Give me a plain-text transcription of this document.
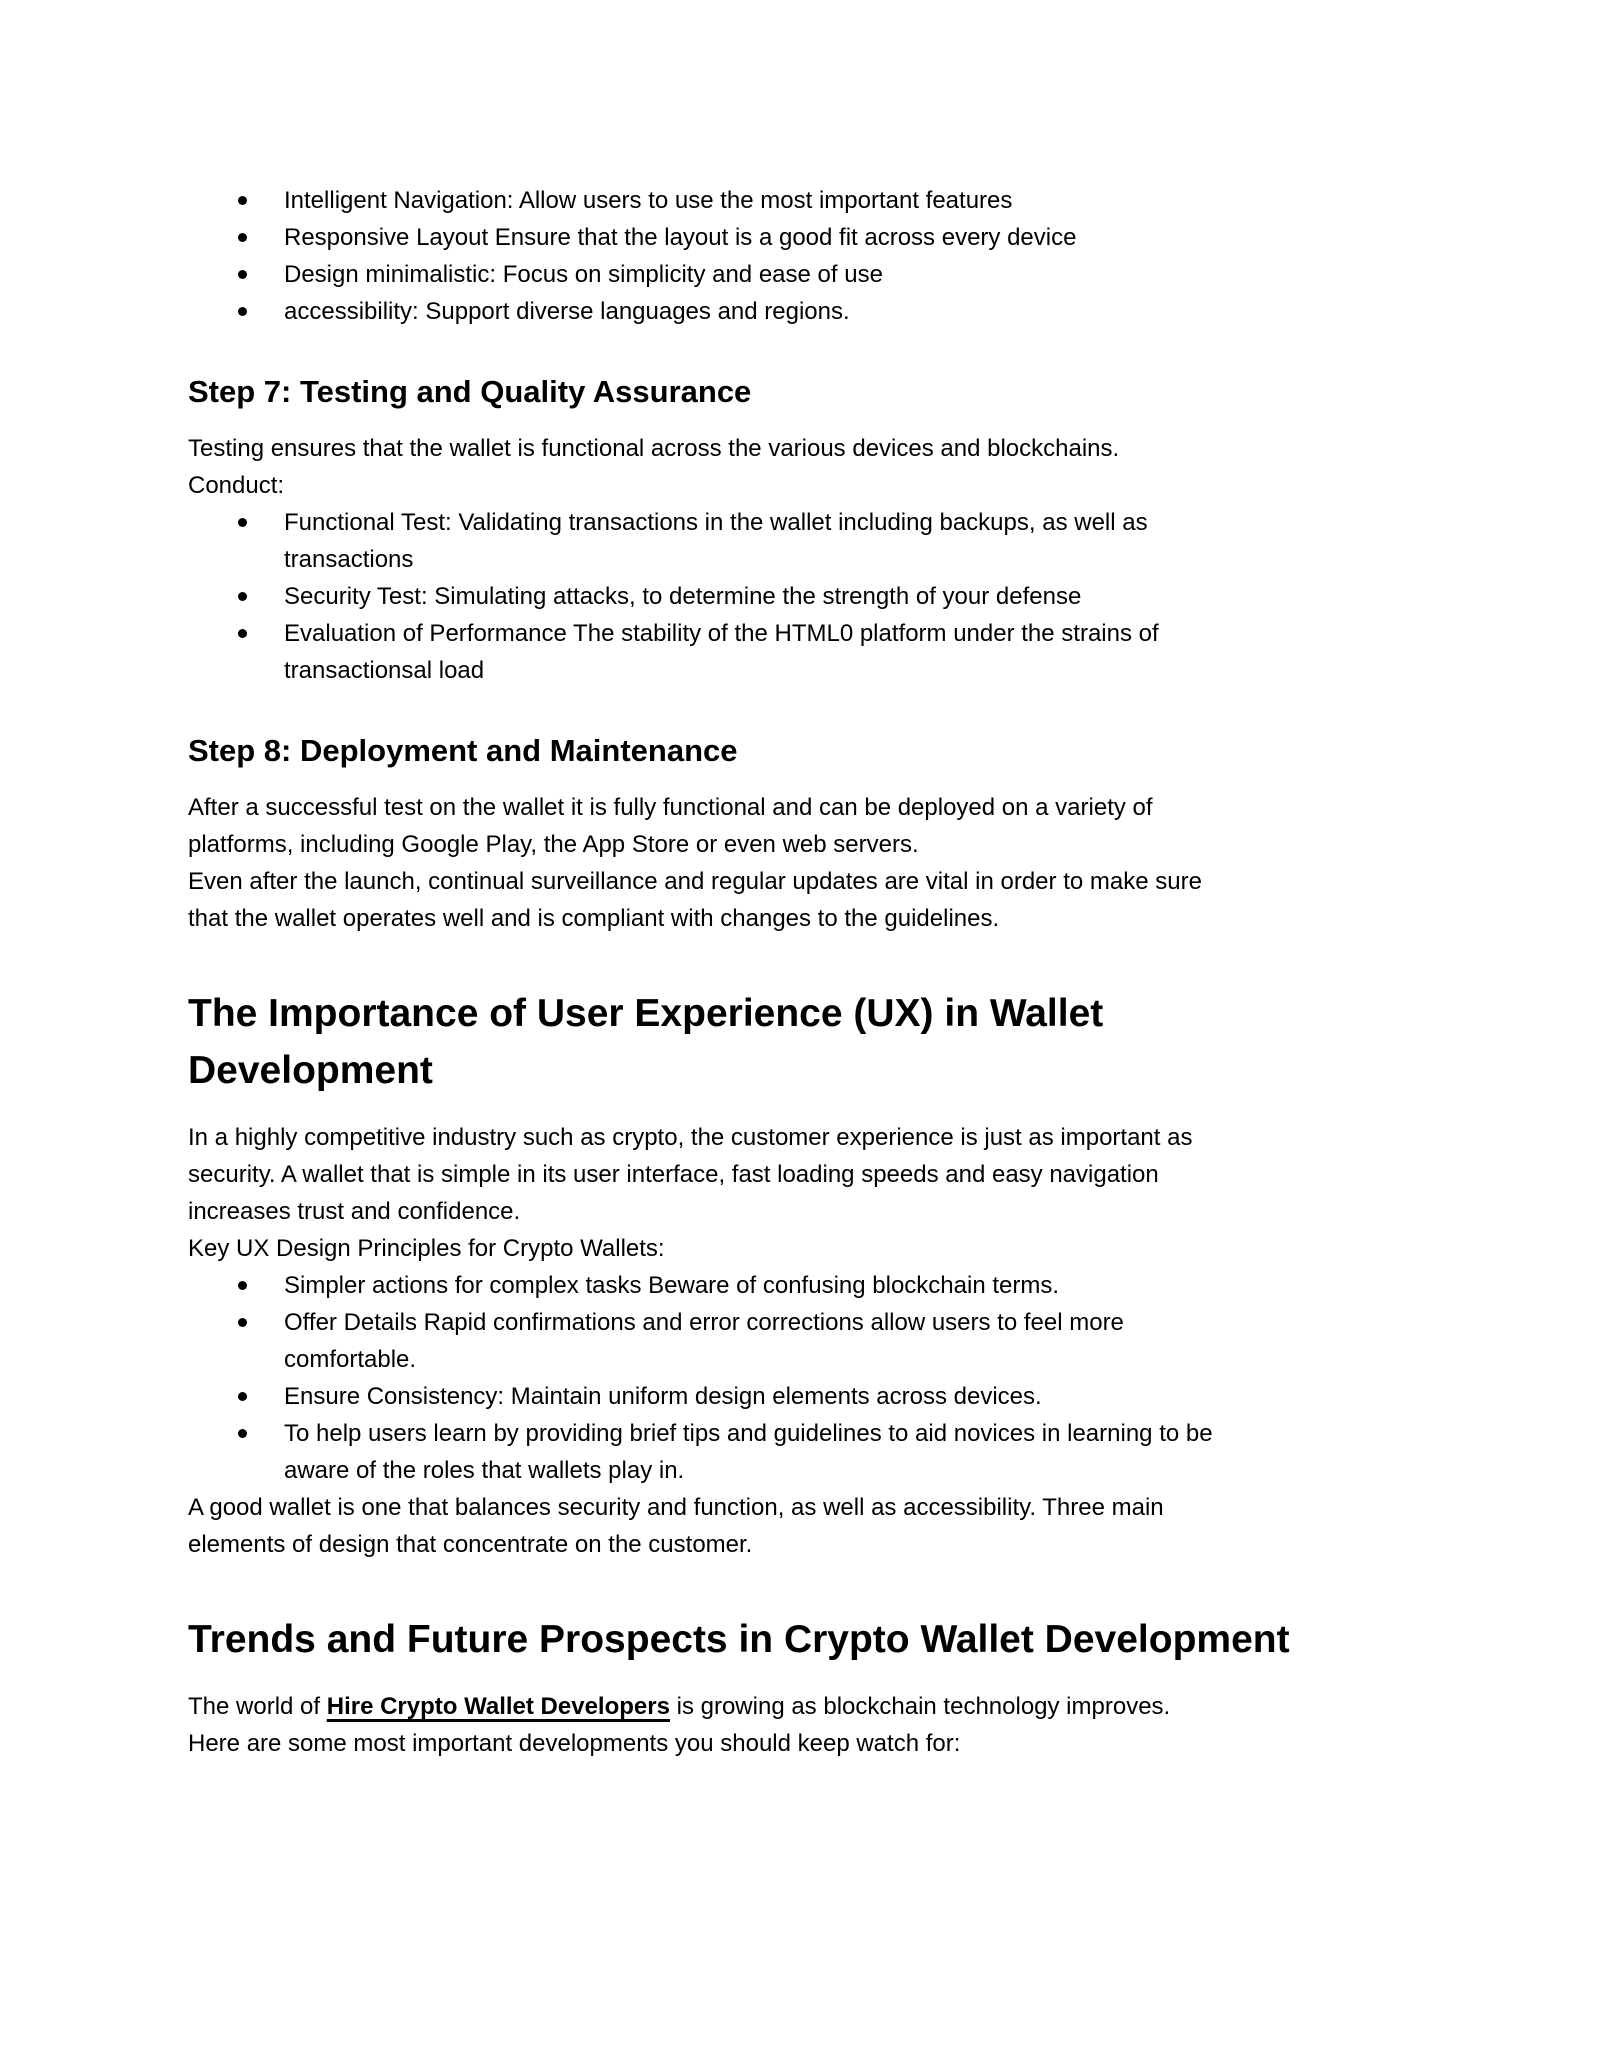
Intelligent Navigation: Allow users to use the most important features
Responsive Layout Ensure that the layout is a good fit across every device
Design minimalistic: Focus on simplicity and ease of use
accessibility: Support diverse languages and regions.
Step 7: Testing and Quality Assurance
Testing ensures that the wallet is functional across the various devices and blockchains.
Conduct:
Functional Test: Validating transactions in the wallet including backups, as well as
transactions
Security Test: Simulating attacks, to determine the strength of your defense
Evaluation of Performance The stability of the HTML0 platform under the strains of
transactionsal load
Step 8: Deployment and Maintenance
After a successful test on the wallet it is fully functional and can be deployed on a variety of
platforms, including Google Play, the App Store or even web servers.
Even after the launch, continual surveillance and regular updates are vital in order to make sure
that the wallet operates well and is compliant with changes to the guidelines.
The Importance of User Experience (UX) in Wallet
Development
In a highly competitive industry such as crypto, the customer experience is just as important as
security. A wallet that is simple in its user interface, fast loading speeds and easy navigation
increases trust and confidence.
Key UX Design Principles for Crypto Wallets:
Simpler actions for complex tasks Beware of confusing blockchain terms.
Offer Details Rapid confirmations and error corrections allow users to feel more
comfortable.
Ensure Consistency: Maintain uniform design elements across devices.
To help users learn by providing brief tips and guidelines to aid novices in learning to be
aware of the roles that wallets play in.
A good wallet is one that balances security and function, as well as accessibility. Three main
elements of design that concentrate on the customer.
Trends and Future Prospects in Crypto Wallet Development
The world of Hire Crypto Wallet Developers is growing as blockchain technology improves.
Here are some most important developments you should keep watch for:
